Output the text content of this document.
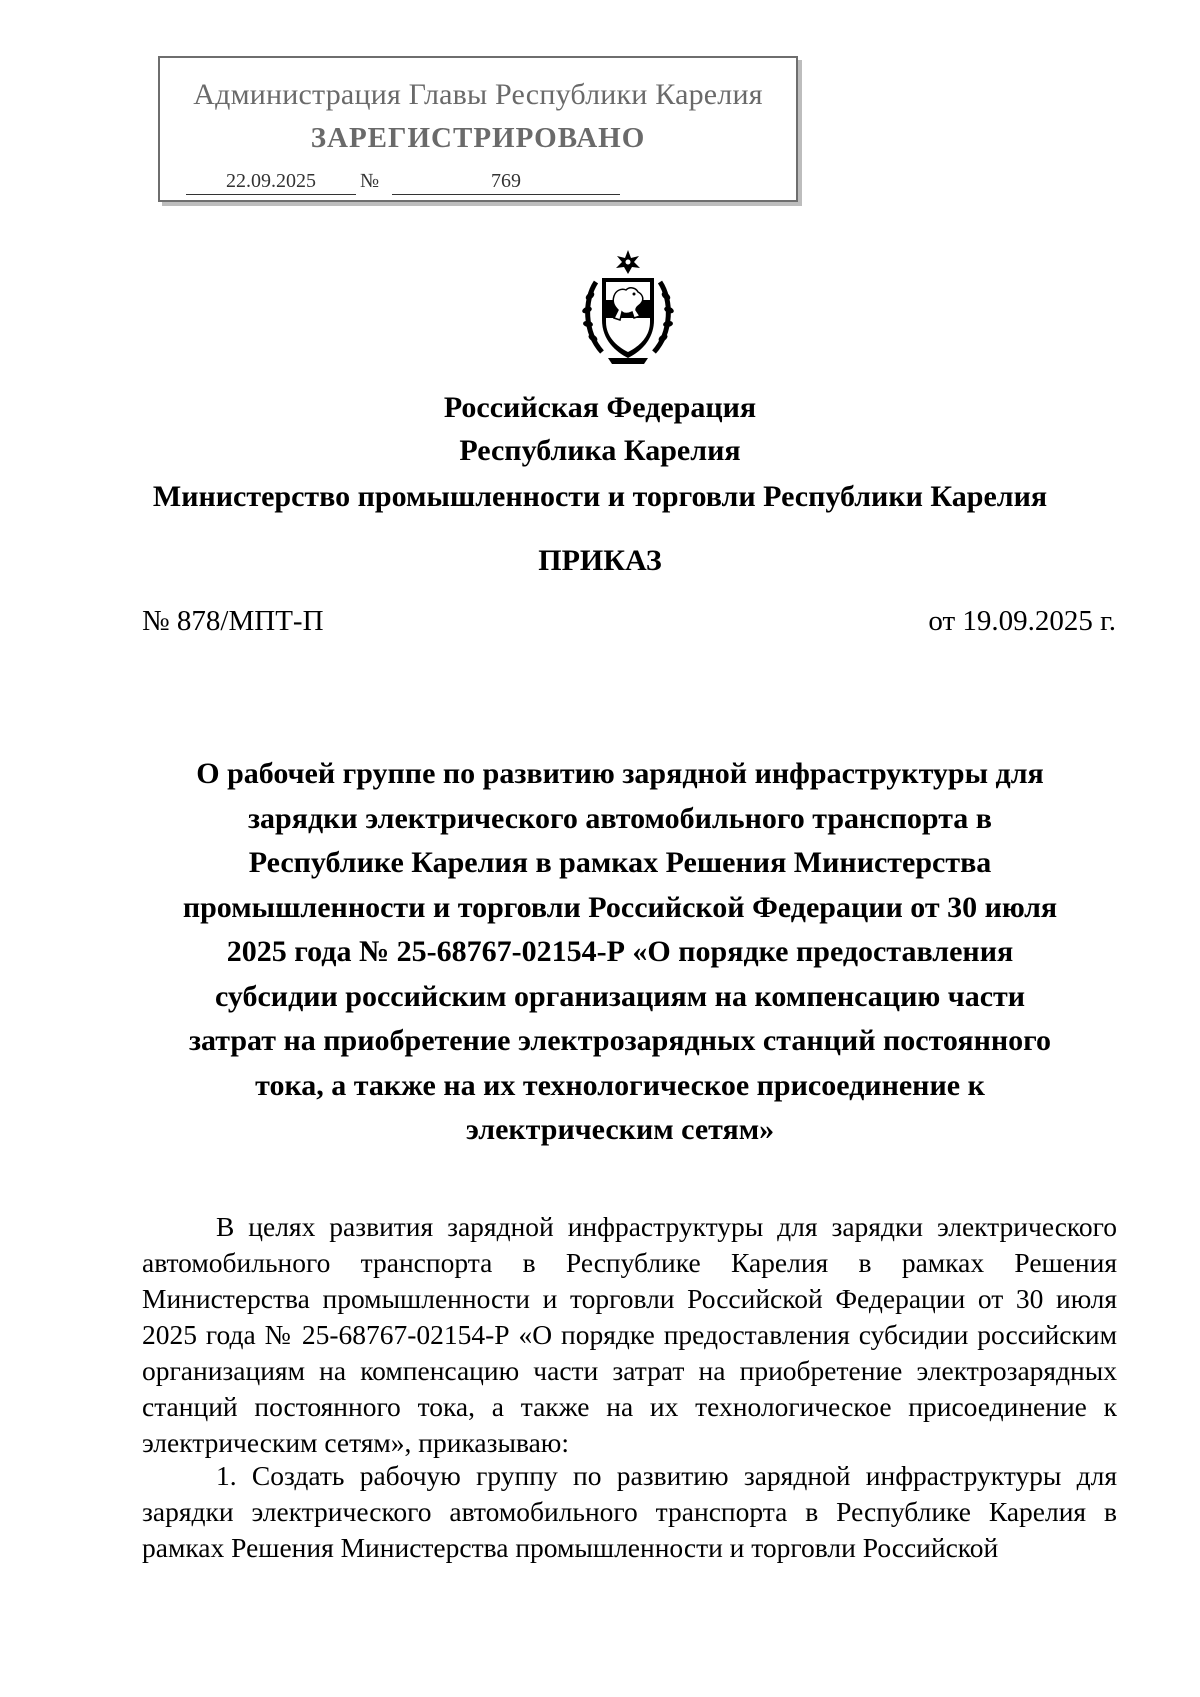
Администрация Главы Республики Карелия
ЗАРЕГИСТРИРОВАНО
22.09.2025	№	769
Российская Федерация
Республика Карелия
Министерство промышленности и торговли Республики Карелия
ПРИКАЗ
№ 878/МПТ-П	от 19.09.2025 г.
О рабочей группе по развитию зарядной инфраструктуры для
зарядки электрического автомобильного транспорта в
Республике Карелия в рамках Решения Министерства
промышленности и торговли Российской Федерации от 30 июля
2025 года № 25-68767-02154-Р «О порядке предоставления
субсидии российским организациям на компенсацию части
затрат на приобретение электрозарядных станций постоянного
тока, а также на их технологическое присоединение к
электрическим сетям»

В целях развития зарядной инфраструктуры для зарядки электрического автомобильного транспорта в Республике Карелия в рамках Решения Министерства промышленности и торговли Российской Федерации от 30 июля 2025 года № 25-68767-02154-Р «О порядке предоставления субсидии российским организациям на компенсацию части затрат на приобретение электрозарядных станций постоянного тока, а также на их технологическое присоединение к электрическим сетям», приказываю:

1. Создать рабочую группу по развитию зарядной инфраструктуры для зарядки электрического автомобильного транспорта в Республике Карелия в рамках Решения Министерства промышленности и торговли Российской
